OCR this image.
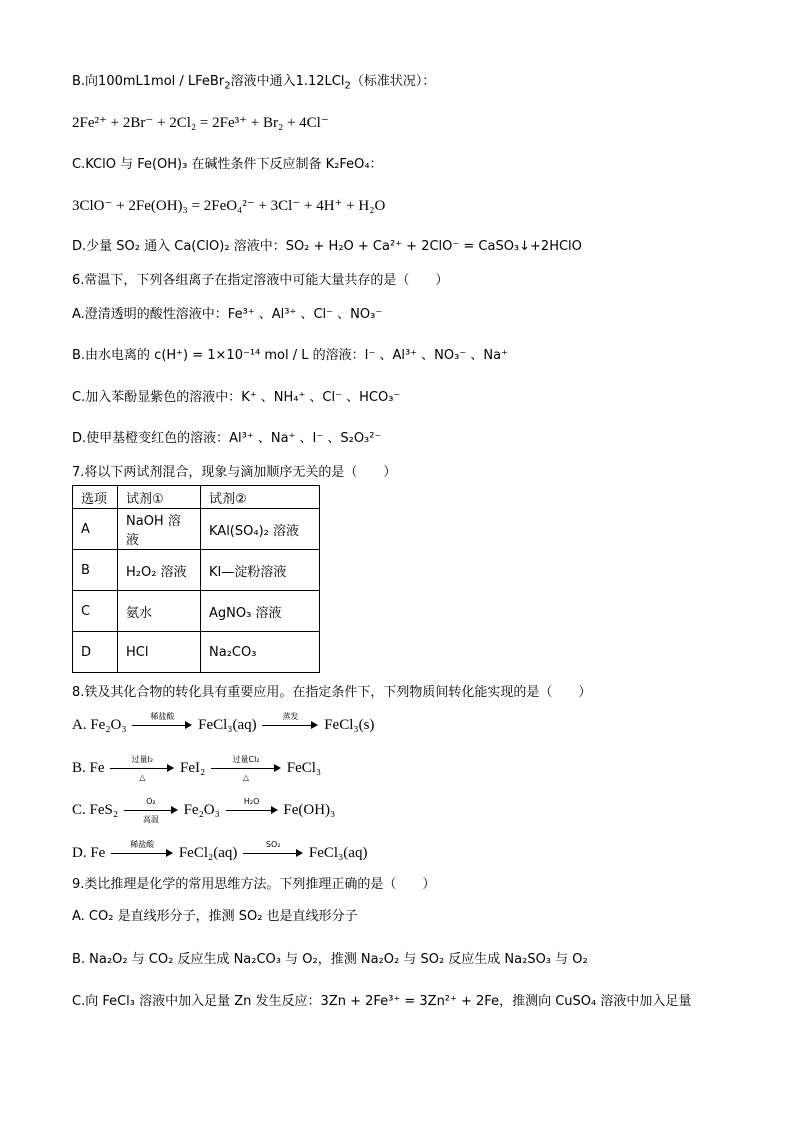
B.向100mL1mol / LFeBr$_2$溶液中通入1.12LCl$_2$（标准状况）：
2Fe²⁺ + 2Br⁻ + 2Cl₂ = 2Fe³⁺ + Br₂ + 4Cl⁻
C.KClO 与 Fe(OH)₃ 在碱性条件下反应制备 K₂FeO₄：
3ClO⁻ + 2Fe(OH)₃ = 2FeO₄²⁻ + 3Cl⁻ + 4H⁺ + H₂O
D.少量 SO₂ 通入 Ca(ClO)₂ 溶液中：SO₂ + H₂O + Ca²⁺ + 2ClO⁻ = CaSO₃↓+2HClO
6.常温下，下列各组离子在指定溶液中可能大量共存的是（　　）
A.澄清透明的酸性溶液中：Fe³⁺ 、Al³⁺ 、Cl⁻ 、NO₃⁻
B.由水电离的 c(H⁺) = 1×10⁻¹⁴ mol / L 的溶液：I⁻ 、Al³⁺ 、NO₃⁻ 、Na⁺
C.加入苯酚显紫色的溶液中：K⁺ 、NH₄⁺ 、Cl⁻ 、HCO₃⁻
D.使甲基橙变红色的溶液：Al³⁺ 、Na⁺ 、I⁻ 、S₂O₃²⁻
7.将以下两试剂混合，现象与滴加顺序无关的是（　　）
选项	试剂①	试剂②
A	NaOH 溶液	KAl(SO₄)₂ 溶液
B	H₂O₂ 溶液	KI—淀粉溶液
C	氨水	AgNO₃ 溶液
D	HCl	Na₂CO₃
8.铁及其化合物的转化具有重要应用。在指定条件下，下列物质间转化能实现的是（　　）
A. Fe₂O₃
稀盐酸

FeCl₃(aq)
蒸发

FeCl₃(s)
B. Fe
过量I₂
△
FeI₂
过量Cl₂
△
FeCl₃
C. FeS₂
O₂
高温
Fe₂O₃
H₂O

Fe(OH)₃
D. Fe
稀盐酸

FeCl₂(aq)
SO₂

FeCl₃(aq)
9.类比推理是化学的常用思维方法。下列推理正确的是（　　）
A. CO₂ 是直线形分子，推测 SO₂ 也是直线形分子
B. Na₂O₂ 与 CO₂ 反应生成 Na₂CO₃ 与 O₂，推测 Na₂O₂ 与 SO₂ 反应生成 Na₂SO₃ 与 O₂
C.向 FeCl₃ 溶液中加入足量 Zn 发生反应：3Zn + 2Fe³⁺ = 3Zn²⁺ + 2Fe，推测向 CuSO₄ 溶液中加入足量
